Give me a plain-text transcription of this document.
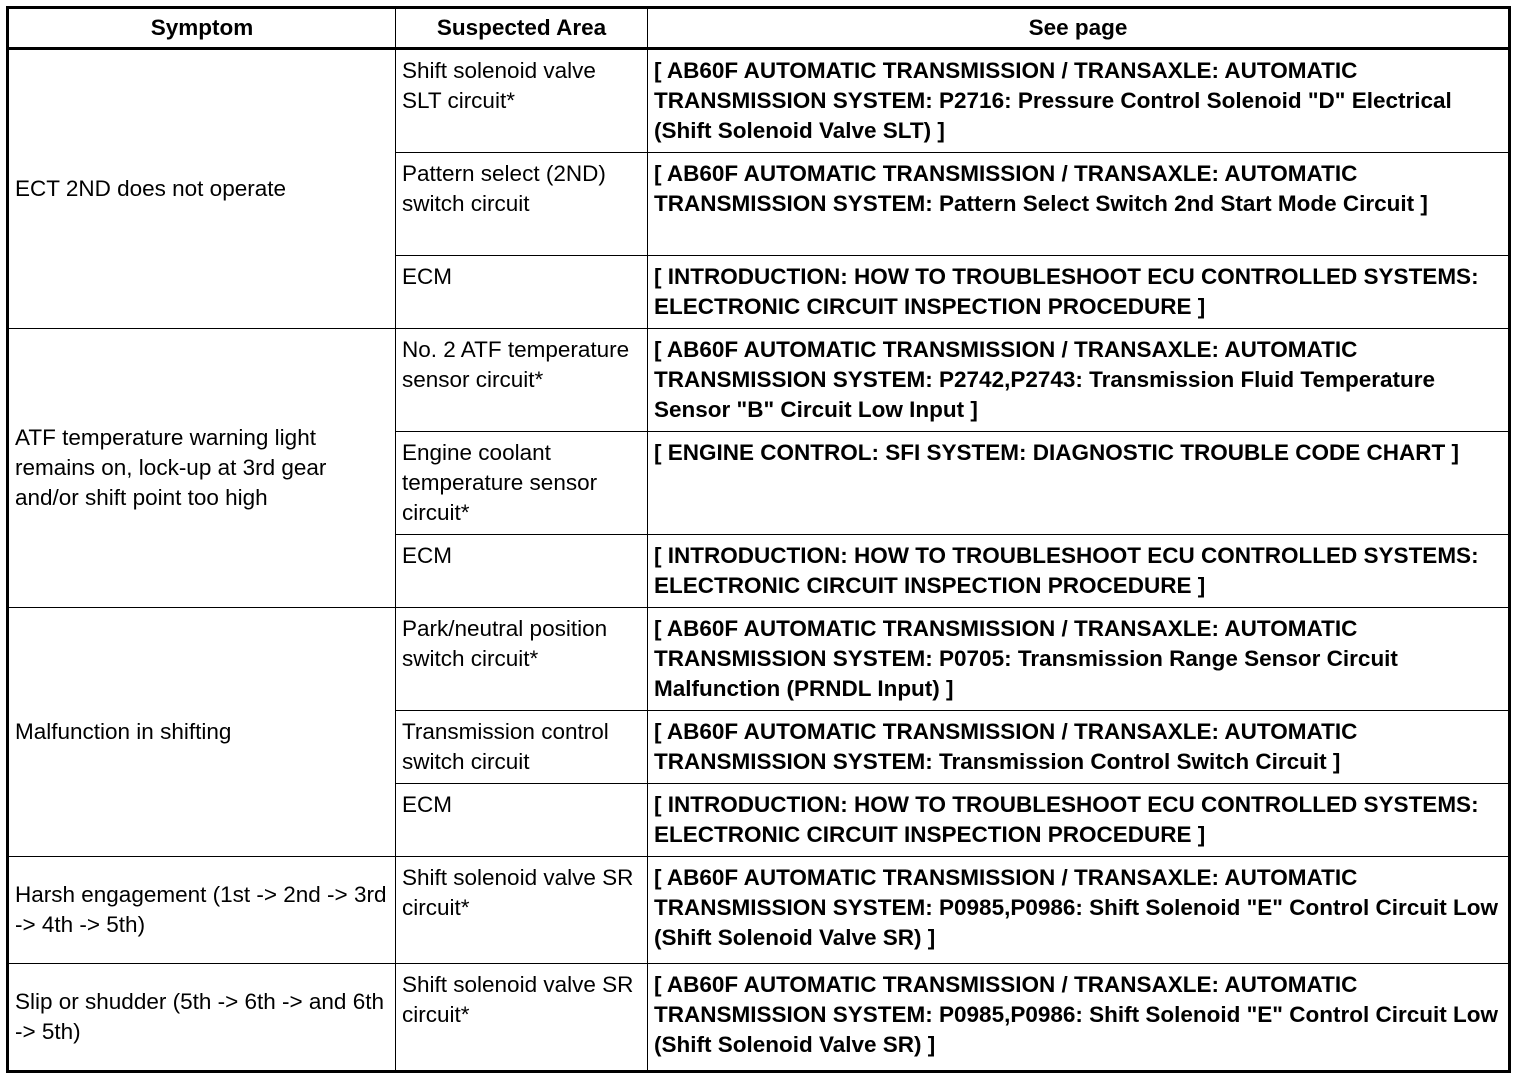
Symptom	Suspected Area	See page
ECT 2ND does not operate	Shift solenoid valve SLT circuit*	[ AB60F AUTOMATIC TRANSMISSION / TRANSAXLE: AUTOMATIC TRANSMISSION SYSTEM: P2716: Pressure Control Solenoid "D" Electrical (Shift Solenoid Valve SLT) ]
	Pattern select (2ND) switch circuit	[ AB60F AUTOMATIC TRANSMISSION / TRANSAXLE: AUTOMATIC TRANSMISSION SYSTEM: Pattern Select Switch 2nd Start Mode Circuit ]
	ECM	[ INTRODUCTION: HOW TO TROUBLESHOOT ECU CONTROLLED SYSTEMS: ELECTRONIC CIRCUIT INSPECTION PROCEDURE ]
ATF temperature warning light remains on, lock-up at 3rd gear and/or shift point too high	No. 2 ATF temperature sensor circuit*	[ AB60F AUTOMATIC TRANSMISSION / TRANSAXLE: AUTOMATIC TRANSMISSION SYSTEM: P2742,P2743: Transmission Fluid Temperature Sensor "B" Circuit Low Input ]
	Engine coolant temperature sensor circuit*	[ ENGINE CONTROL: SFI SYSTEM: DIAGNOSTIC TROUBLE CODE CHART ]
	ECM	[ INTRODUCTION: HOW TO TROUBLESHOOT ECU CONTROLLED SYSTEMS: ELECTRONIC CIRCUIT INSPECTION PROCEDURE ]
Malfunction in shifting	Park/neutral position switch circuit*	[ AB60F AUTOMATIC TRANSMISSION / TRANSAXLE: AUTOMATIC TRANSMISSION SYSTEM: P0705: Transmission Range Sensor Circuit Malfunction (PRNDL Input) ]
	Transmission control switch circuit	[ AB60F AUTOMATIC TRANSMISSION / TRANSAXLE: AUTOMATIC TRANSMISSION SYSTEM: Transmission Control Switch Circuit ]
	ECM	[ INTRODUCTION: HOW TO TROUBLESHOOT ECU CONTROLLED SYSTEMS: ELECTRONIC CIRCUIT INSPECTION PROCEDURE ]
Harsh engagement (1st -> 2nd -> 3rd -> 4th -> 5th)	Shift solenoid valve SR circuit*	[ AB60F AUTOMATIC TRANSMISSION / TRANSAXLE: AUTOMATIC TRANSMISSION SYSTEM: P0985,P0986: Shift Solenoid "E" Control Circuit Low (Shift Solenoid Valve SR) ]
Slip or shudder (5th -> 6th -> and 6th -> 5th)	Shift solenoid valve SR circuit*	[ AB60F AUTOMATIC TRANSMISSION / TRANSAXLE: AUTOMATIC TRANSMISSION SYSTEM: P0985,P0986: Shift Solenoid "E" Control Circuit Low (Shift Solenoid Valve SR) ]
